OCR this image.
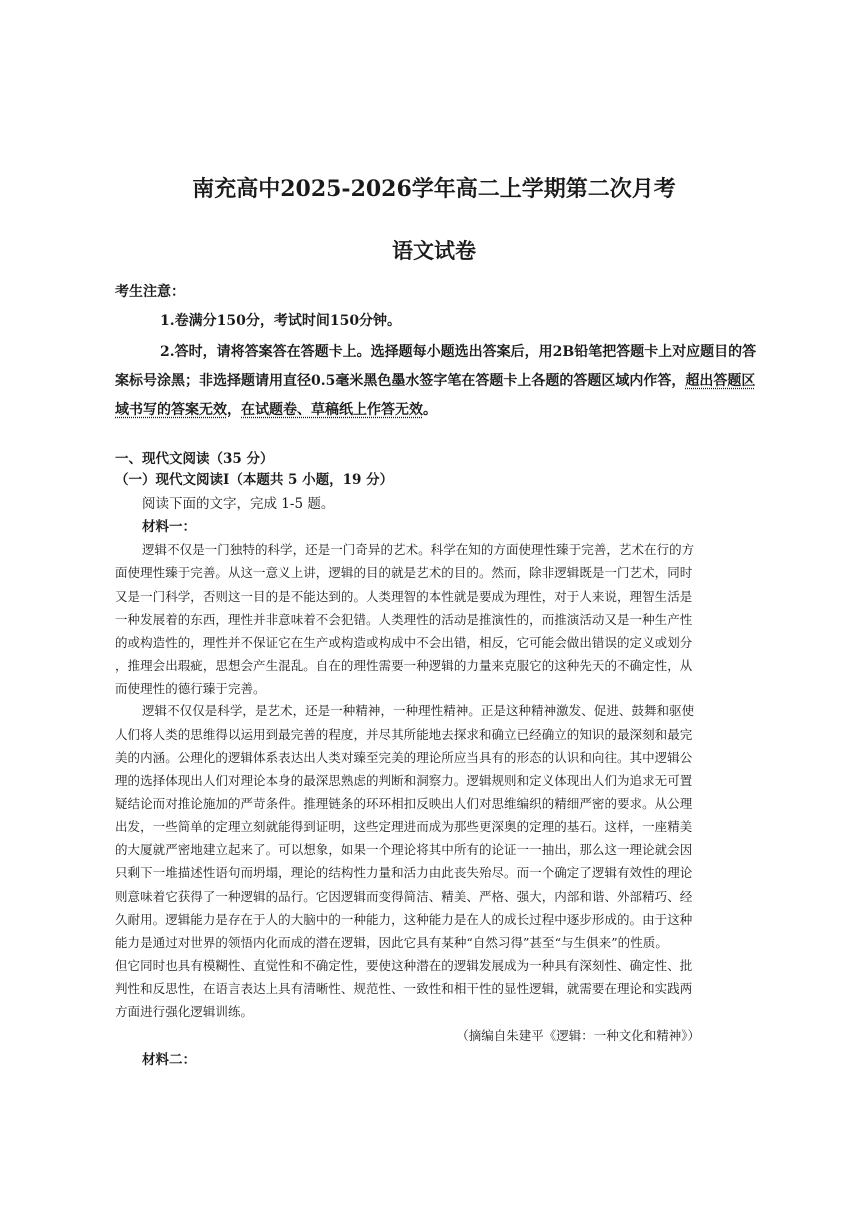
南充高中2025-2026学年高二上学期第二次月考
语文试卷
考生注意：
1.卷满分150分，考试时间150分钟。
2.答时，请将答案答在答题卡上。选择题每小题选出答案后，用2B铅笔把答题卡上对应题目的答
案标号涂黑；非选择题请用直径0.5毫米黑色墨水签字笔在答题卡上各题的答题区域内作答，超出答题区
域书写的答案无效，在试题卷、草稿纸上作答无效。
一、现代文阅读（35 分）
（一）现代文阅读Ⅰ（本题共 5 小题，19 分）
阅读下面的文字，完成 1-5 题。
材料一：
逻辑不仅是一门独特的科学，还是一门奇异的艺术。科学在知的方面使理性臻于完善，艺术在行的方
面使理性臻于完善。从这一意义上讲，逻辑的目的就是艺术的目的。然而，除非逻辑既是一门艺术，同时
又是一门科学，否则这一目的是不能达到的。人类理智的本性就是要成为理性，对于人来说，理智生活是
一种发展着的东西，理性并非意味着不会犯错。人类理性的活动是推演性的，而推演活动又是一种生产性
的或构造性的，理性并不保证它在生产或构造或构成中不会出错，相反，它可能会做出错误的定义或划分
，推理会出瑕疵，思想会产生混乱。自在的理性需要一种逻辑的力量来克服它的这种先天的不确定性，从
而使理性的德行臻于完善。
逻辑不仅仅是科学，是艺术，还是一种精神，一种理性精神。正是这种精神激发、促进、鼓舞和驱使
人们将人类的思维得以运用到最完善的程度，并尽其所能地去探求和确立已经确立的知识的最深刻和最完
美的内涵。公理化的逻辑体系表达出人类对臻至完美的理论所应当具有的形态的认识和向往。其中逻辑公
理的选择体现出人们对理论本身的最深思熟虑的判断和洞察力。逻辑规则和定义体现出人们为追求无可置
疑结论而对推论施加的严苛条件。推理链条的环环相扣反映出人们对思维编织的精细严密的要求。从公理
出发，一些简单的定理立刻就能得到证明，这些定理进而成为那些更深奥的定理的基石。这样，一座精美
的大厦就严密地建立起来了。可以想象，如果一个理论将其中所有的论证一一抽出，那么这一理论就会因
只剩下一堆描述性语句而坍塌，理论的结构性力量和活力由此丧失殆尽。而一个确定了逻辑有效性的理论
则意味着它获得了一种逻辑的品行。它因逻辑而变得简洁、精美、严格、强大，内部和谐、外部精巧、经
久耐用。逻辑能力是存在于人的大脑中的一种能力，这种能力是在人的成长过程中逐步形成的。由于这种
能力是通过对世界的领悟内化而成的潜在逻辑，因此它具有某种“自然习得”甚至“与生俱来”的性质。
但它同时也具有模糊性、直觉性和不确定性，要使这种潜在的逻辑发展成为一种具有深刻性、确定性、批
判性和反思性，在语言表达上具有清晰性、规范性、一致性和相干性的显性逻辑，就需要在理论和实践两
方面进行强化逻辑训练。
（摘编自朱建平《逻辑：一种文化和精神》）
材料二：
